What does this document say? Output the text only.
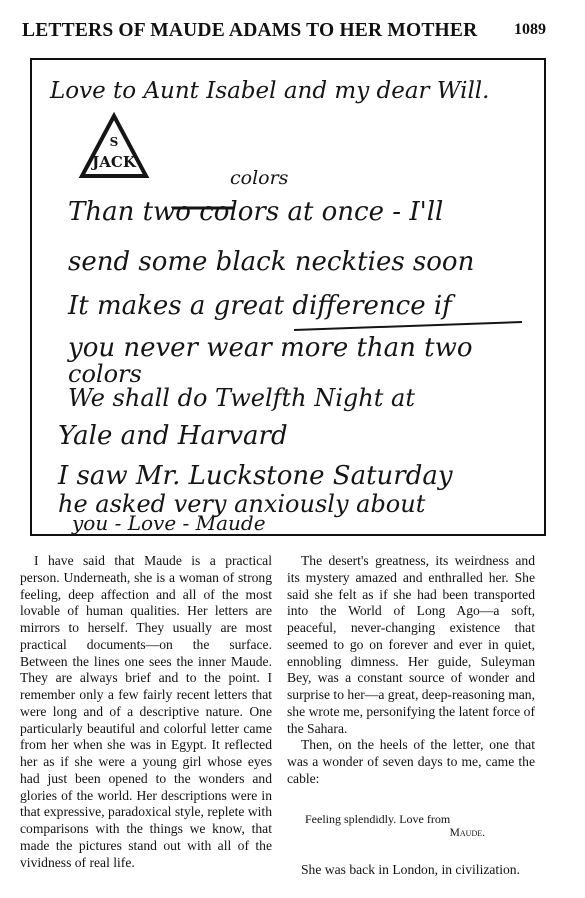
LETTERS OF MAUDE ADAMS TO HER MOTHER 1089
Love to Aunt Isabel and my dear Will.
S
JACK
colors
Than two colors at once - I'll
send some black neckties soon
It makes a great difference if
you never wear more than two
colors
We shall do Twelfth Night at
Yale and Harvard
I saw Mr. Luckstone Saturday
he asked very anxiously about
you - Love - Maude

I have said that Maude is a practical person. Underneath, she is a woman of strong feeling, deep affection and all of the most lovable of human qualities. Her letters are mirrors to herself. They usually are most practical documents—on the surface. Between the lines one sees the inner Maude. They are always brief and to the point. I remember only a few fairly recent letters that were long and of a descriptive nature. One particularly beautiful and colorful letter came from her when she was in Egypt. It reflected her as if she were a young girl whose eyes had just been opened to the wonders and glories of the world. Her descriptions were in that expressive, paradoxical style, replete with comparisons with the things we know, that made the pictures stand out with all of the vividness of real life.

The desert's greatness, its weirdness and its mystery amazed and enthralled her. She said she felt as if she had been transported into the World of Long Ago—a soft, peaceful, never-changing existence that seemed to go on forever and ever in quiet, ennobling dimness. Her guide, Suleyman Bey, was a constant source of wonder and surprise to her—a great, deep-reasoning man, she wrote me, personifying the latent force of the Sahara.

Then, on the heels of the letter, one that was a wonder of seven days to me, came the cable:

Feeling splendidly. Love from
Maude.

She was back in London, in civilization.
